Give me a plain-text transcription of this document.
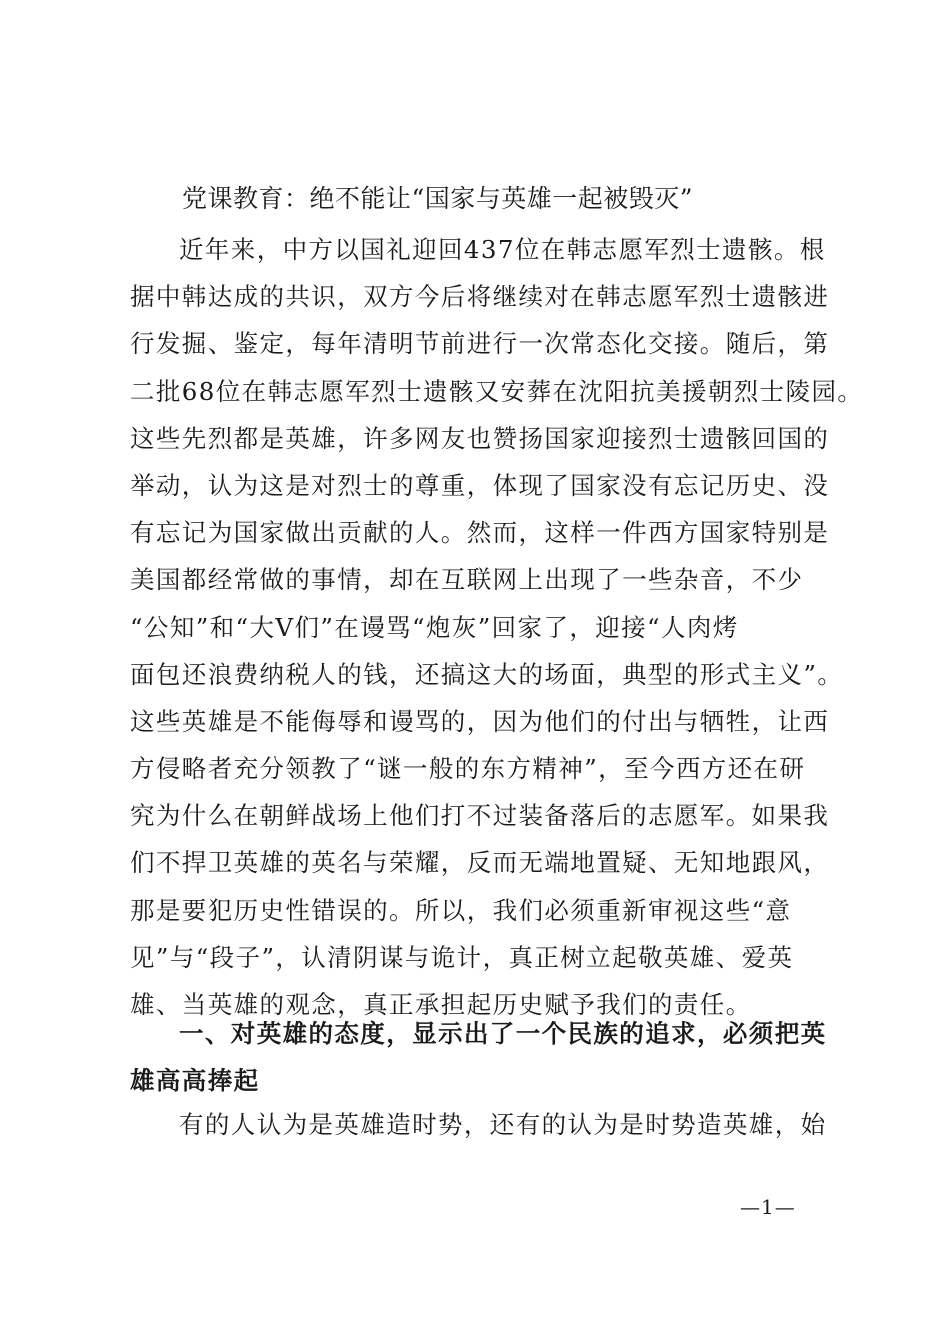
党课教育：绝不能让“国家与英雄一起被毁灭”
近年来，中方以国礼迎回437位在韩志愿军烈士遗骸。根
据中韩达成的共识，双方今后将继续对在韩志愿军烈士遗骸进
行发掘、鉴定，每年清明节前进行一次常态化交接。随后，第
二批68位在韩志愿军烈士遗骸又安葬在沈阳抗美援朝烈士陵园。
这些先烈都是英雄，许多网友也赞扬国家迎接烈士遗骸回国的
举动，认为这是对烈士的尊重，体现了国家没有忘记历史、没
有忘记为国家做出贡献的人。然而，这样一件西方国家特别是
美国都经常做的事情，却在互联网上出现了一些杂音，不少
“公知”和“大V们”在谩骂“炮灰”回家了，迎接“人肉烤
面包还浪费纳税人的钱，还搞这大的场面，典型的形式主义”。
这些英雄是不能侮辱和谩骂的，因为他们的付出与牺牲，让西
方侵略者充分领教了“谜一般的东方精神”，至今西方还在研
究为什么在朝鲜战场上他们打不过装备落后的志愿军。如果我
们不捍卫英雄的英名与荣耀，反而无端地置疑、无知地跟风，
那是要犯历史性错误的。所以，我们必须重新审视这些“意
见”与“段子”，认清阴谋与诡计，真正树立起敬英雄、爱英
雄、当英雄的观念，真正承担起历史赋予我们的责任。
一、对英雄的态度，显示出了一个民族的追求，必须把英
雄高高捧起
有的人认为是英雄造时势，还有的认为是时势造英雄，始
—1—
